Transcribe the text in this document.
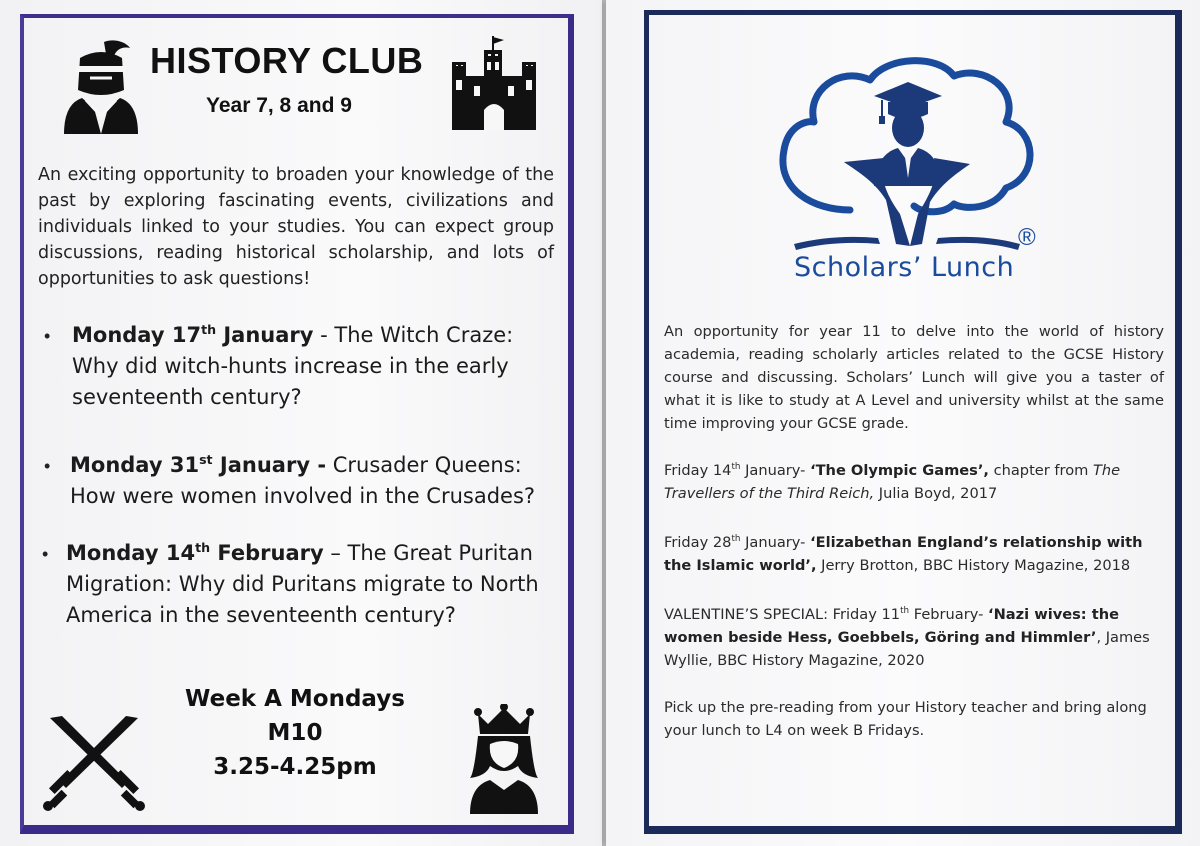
HISTORY CLUB
Year 7, 8 and 9
An exciting opportunity to broaden your knowledge of the past by exploring fascinating events, civilizations and individuals linked to your studies. You can expect group discussions, reading historical scholarship, and lots of opportunities to ask questions!
• Monday 17th January - The Witch Craze: Why did witch-hunts increase in the early seventeenth century?
• Monday 31st January - Crusader Queens: How were women involved in the Crusades?
• Monday 14th February – The Great Puritan Migration: Why did Puritans migrate to North America in the seventeenth century?
Week A Mondays
M10
3.25-4.25pm
®
Scholars’ Lunch
An opportunity for year 11 to delve into the world of history academia, reading scholarly articles related to the GCSE History course and discussing. Scholars’ Lunch will give you a taster of what it is like to study at A Level and university whilst at the same time improving your GCSE grade.
Friday 14th January- ‘The Olympic Games’, chapter from The Travellers of the Third Reich, Julia Boyd, 2017
Friday 28th January- ‘Elizabethan England’s relationship with the Islamic world’, Jerry Brotton, BBC History Magazine, 2018
VALENTINE’S SPECIAL: Friday 11th February- ‘Nazi wives: the women beside Hess, Goebbels, Göring and Himmler’, James Wyllie, BBC History Magazine, 2020
Pick up the pre-reading from your History teacher and bring along your lunch to L4 on week B Fridays.
